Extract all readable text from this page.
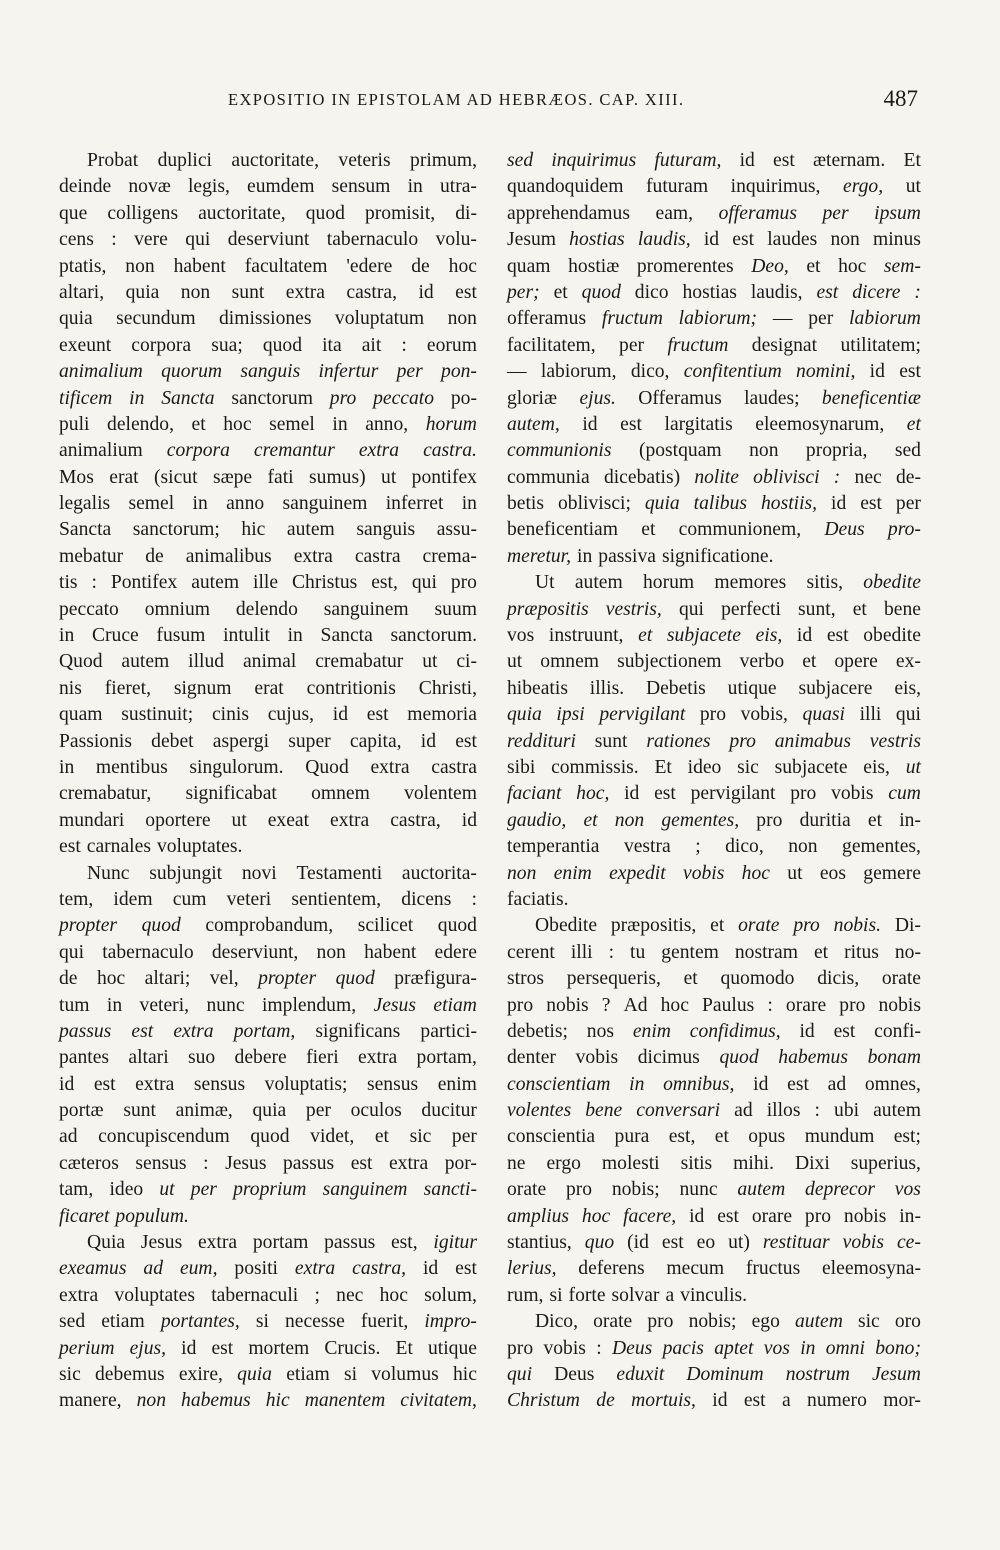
EXPOSITIO IN EPISTOLAM AD HEBRÆOS. CAP. XIII.	487
Probat duplici auctoritate, veteris primum,
deinde novæ legis, eumdem sensum in utra-
que colligens auctoritate, quod promisit, di-
cens : vere qui deserviunt tabernaculo volu-
ptatis, non habent facultatem 'edere de hoc
altari, quia non sunt extra castra, id est
quia secundum dimissiones voluptatum non
exeunt corpora sua; quod ita ait : eorum
animalium quorum sanguis infertur per pon-
tificem in Sancta sanctorum pro peccato po-
puli delendo, et hoc semel in anno, horum
animalium corpora cremantur extra castra.
Mos erat (sicut sæpe fati sumus) ut pontifex
legalis semel in anno sanguinem inferret in
Sancta sanctorum; hic autem sanguis assu-
mebatur de animalibus extra castra crema-
tis : Pontifex autem ille Christus est, qui pro
peccato omnium delendo sanguinem suum
in Cruce fusum intulit in Sancta sanctorum.
Quod autem illud animal cremabatur ut ci-
nis fieret, signum erat contritionis Christi,
quam sustinuit; cinis cujus, id est memoria
Passionis debet aspergi super capita, id est
in mentibus singulorum. Quod extra castra
cremabatur, significabat omnem volentem
mundari oportere ut exeat extra castra, id
est carnales voluptates.
Nunc subjungit novi Testamenti auctorita-
tem, idem cum veteri sentientem, dicens :
propter quod comprobandum, scilicet quod
qui tabernaculo deserviunt, non habent edere
de hoc altari; vel, propter quod præfigura-
tum in veteri, nunc implendum, Jesus etiam
passus est extra portam, significans partici-
pantes altari suo debere fieri extra portam,
id est extra sensus voluptatis; sensus enim
portæ sunt animæ, quia per oculos ducitur
ad concupiscendum quod videt, et sic per
cæteros sensus : Jesus passus est extra por-
tam, ideo ut per proprium sanguinem sancti-
ficaret populum.
Quia Jesus extra portam passus est, igitur
exeamus ad eum, positi extra castra, id est
extra voluptates tabernaculi ; nec hoc solum,
sed etiam portantes, si necesse fuerit, impro-
perium ejus, id est mortem Crucis. Et utique
sic debemus exire, quia etiam si volumus hic
manere, non habemus hic manentem civitatem,
sed inquirimus futuram, id est æternam. Et
quandoquidem futuram inquirimus, ergo, ut
apprehendamus eam, offeramus per ipsum
Jesum hostias laudis, id est laudes non minus
quam hostiæ promerentes Deo, et hoc sem-
per; et quod dico hostias laudis, est dicere :
offeramus fructum labiorum; — per labiorum
facilitatem, per fructum designat utilitatem;
— labiorum, dico, confitentium nomini, id est
gloriæ ejus. Offeramus laudes; beneficentiæ
autem, id est largitatis eleemosynarum, et
communionis (postquam non propria, sed
communia dicebatis) nolite oblivisci : nec de-
betis oblivisci; quia talibus hostiis, id est per
beneficentiam et communionem, Deus pro-
meretur, in passiva significatione.
Ut autem horum memores sitis, obedite
præpositis vestris, qui perfecti sunt, et bene
vos instruunt, et subjacete eis, id est obedite
ut omnem subjectionem verbo et opere ex-
hibeatis illis. Debetis utique subjacere eis,
quia ipsi pervigilant pro vobis, quasi illi qui
reddituri sunt rationes pro animabus vestris
sibi commissis. Et ideo sic subjacete eis, ut
faciant hoc, id est pervigilant pro vobis cum
gaudio, et non gementes, pro duritia et in-
temperantia vestra ; dico, non gementes,
non enim expedit vobis hoc ut eos gemere
faciatis.
Obedite præpositis, et orate pro nobis. Di-
cerent illi : tu gentem nostram et ritus no-
stros persequeris, et quomodo dicis, orate
pro nobis ? Ad hoc Paulus : orare pro nobis
debetis; nos enim confidimus, id est confi-
denter vobis dicimus quod habemus bonam
conscientiam in omnibus, id est ad omnes,
volentes bene conversari ad illos : ubi autem
conscientia pura est, et opus mundum est;
ne ergo molesti sitis mihi. Dixi superius,
orate pro nobis; nunc autem deprecor vos
amplius hoc facere, id est orare pro nobis in-
stantius, quo (id est eo ut) restituar vobis ce-
lerius, deferens mecum fructus eleemosyna-
rum, si forte solvar a vinculis.
Dico, orate pro nobis; ego autem sic oro
pro vobis : Deus pacis aptet vos in omni bono;
qui Deus eduxit Dominum nostrum Jesum
Christum de mortuis, id est a numero mor-
